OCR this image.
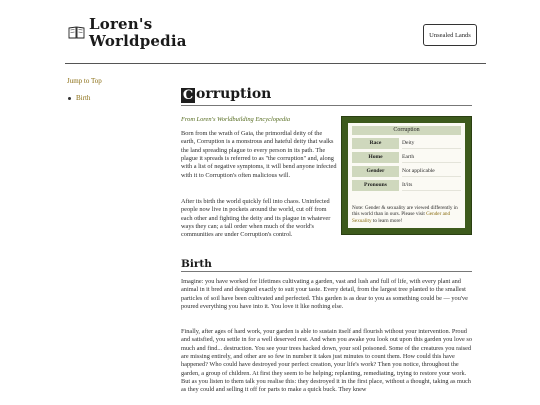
Loren's
Worldpedia	Unsealed Lands
Jump to Top
Birth	C orruption
From Loren's Worldbuilding Encyclopedia

Born from the wrath of Gaia, the primordial deity of the earth, Corruption is a monstrous and hateful deity that walks the land spreading plague to every person in its path. The plague it spreads is referred to as "the corruption" and, along with a list of negative symptoms, it will bend anyone infected with it to Corruption's often malicious will.

After its birth the world quickly fell into chaos. Uninfected people now live in pockets around the world, cut off from each other and fighting the deity and its plague in whatever ways they can; a tall order when much of the world's communities are under Corruption's control.

Corruption
Race	Deity
Home	Earth
Gender	Not applicable
Pronouns	It/its
Note: Gender & sexuality are viewed differently in this world than in ours. Please visit Gender and Sexuality to learn more!
Birth

Imagine: you have worked for lifetimes cultivating a garden, vast and lush and full of life, with every plant and animal in it bred and designed exactly to suit your taste. Every detail, from the largest tree planted to the smallest particles of soil have been cultivated and perfected. This garden is as dear to you as something could be — you've poured everything you have into it. You love it like nothing else.

Finally, after ages of hard work, your garden is able to sustain itself and flourish without your intervention. Proud and satisfied, you settle in for a well deserved rest. And when you awake you look out upon this garden you love so much and find... destruction. You see your trees hacked down, your soil poisoned. Some of the creatures you raised are missing entirely, and other are so few in number it takes just minutes to count them. How could this have happened? Who could have destroyed your perfect creation, your life's work? Then you notice, throughout the garden, a group of children. At first they seem to be helping; replanting, remediating, trying to restore your work. But as you listen to them talk you realise this: they destroyed it in the first place, without a thought, taking as much as they could and selling it off for parts to make a quick buck. They knew
